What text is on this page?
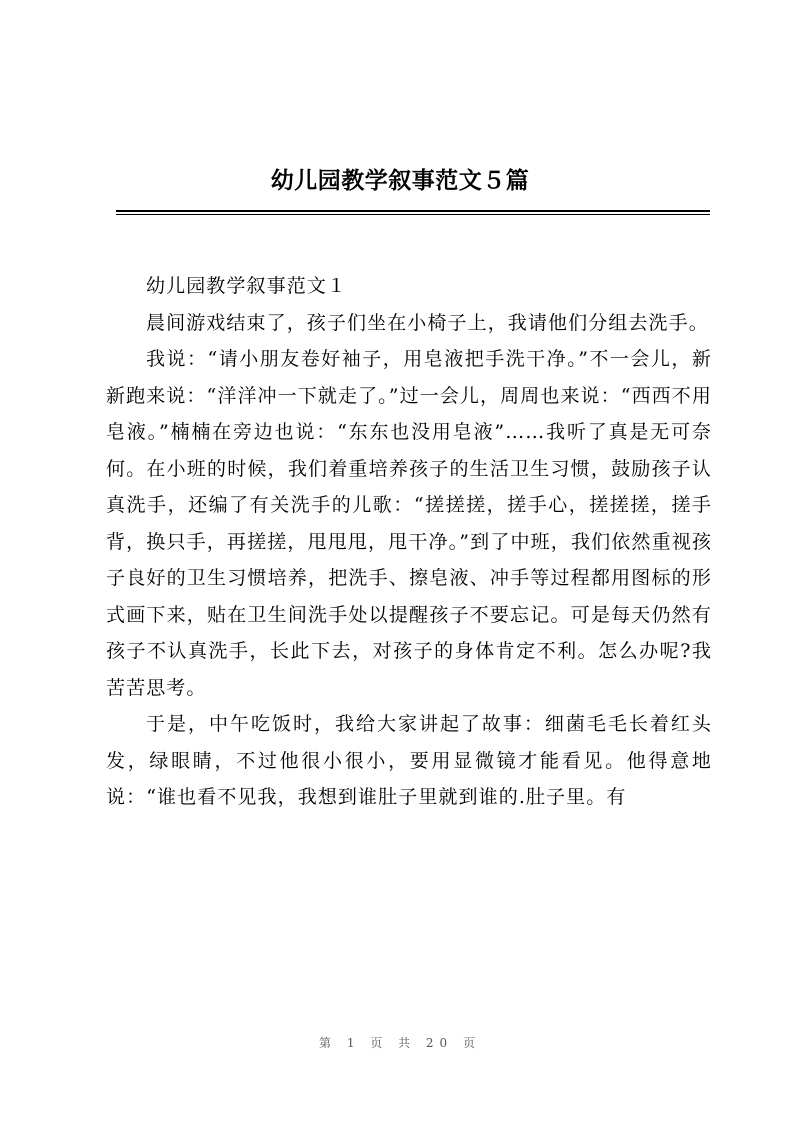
幼儿园教学叙事范文５篇

幼儿园教学叙事范文１

晨间游戏结束了，孩子们坐在小椅子上，我请他们分组去洗手。

我说：“请小朋友卷好袖子，用皂液把手洗干净。”不一会儿，新新跑来说：“洋洋冲一下就走了。”过一会儿，周周也来说：“西西不用皂液。”楠楠在旁边也说：“东东也没用皂液”……我听了真是无可奈何。在小班的时候，我们着重培养孩子的生活卫生习惯，鼓励孩子认真洗手，还编了有关洗手的儿歌：“搓搓搓，搓手心，搓搓搓，搓手背，换只手，再搓搓，甩甩甩，甩干净。”到了中班，我们依然重视孩子良好的卫生习惯培养，把洗手、擦皂液、冲手等过程都用图标的形式画下来，贴在卫生间洗手处以提醒孩子不要忘记。可是每天仍然有孩子不认真洗手，长此下去，对孩子的身体肯定不利。怎么办呢?我苦苦思考。

于是，中午吃饭时，我给大家讲起了故事：细菌毛毛长着红头发，绿眼睛，不过他很小很小，要用显微镜才能看见。他得意地说：“谁也看不见我，我想到谁肚子里就到谁的.肚子里。有

第 1 页 共 20 页
